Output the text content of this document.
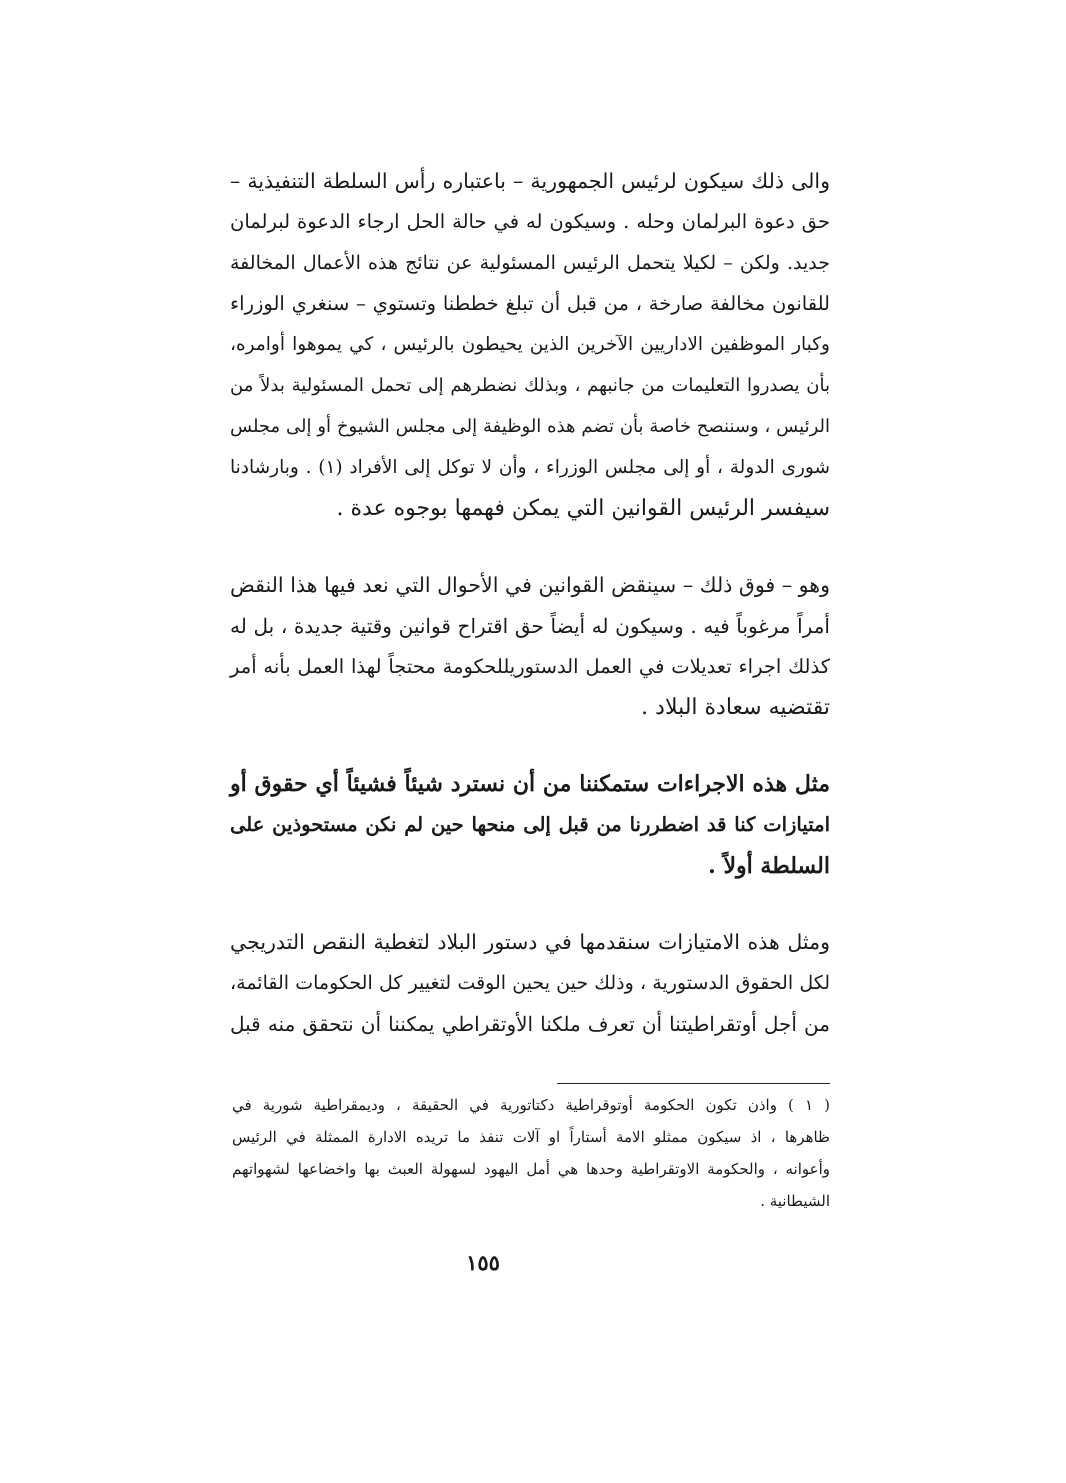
والى ذلك سيكون لرئيس الجمهورية – باعتباره رأس السلطة التنفيذية –
حق دعوة البرلمان وحله . وسيكون له في حالة الحل ارجاء الدعوة لبرلمان
جديد. ولكن – لكيلا يتحمل الرئيس المسئولية عن نتائج هذه الأعمال المخالفة
للقانون مخالفة صارخة ، من قبل أن تبلغ خططنا وتستوي – سنغري الوزراء
وكبار الموظفين الاداريين الآخرين الذين يحيطون بالرئيس ، كي يموهوا أوامره،
بأن يصدروا التعليمات من جانبهم ، وبذلك نضطرهم إلى تحمل المسئولية بدلاً من
الرئيس ، وسننصح خاصة بأن تضم هذه الوظيفة إلى مجلس الشيوخ أو إلى مجلس
شورى الدولة ، أو إلى مجلس الوزراء ، وأن لا توكل إلى الأفراد (١) . وبارشادنا
سيفسر الرئيس القوانين التي يمكن فهمها بوجوه عدة .
وهو – فوق ذلك – سينقض القوانين في الأحوال التي نعد فيها هذا النقض
أمراً مرغوباً فيه . وسيكون له أيضاً حق اقتراح قوانين وقتية جديدة ، بل له
كذلك اجراء تعديلات في العمل الدستوريللحكومة محتجاً لهذا العمل بأنه أمر
تقتضيه سعادة البلاد .
مثل هذه الاجراءات ستمكننا من أن نسترد شيئاً فشيئاً أي حقوق أو
امتيازات كنا قد اضطررنا من قبل إلى منحها حين لم نكن مستحوذين على
السلطة أولاً .
ومثل هذه الامتيازات سنقدمها في دستور البلاد لتغطية النقص التدريجي
لكل الحقوق الدستورية ، وذلك حين يحين الوقت لتغيير كل الحكومات القائمة،
من أجل أوتقراطيتنا أن تعرف ملكنا الأوتقراطي يمكننا أن نتحقق منه قبل
( ١ ) واذن تكون الحكومة أوتوقراطية دكتاتورية في الحقيقة ، وديمقراطية شورية في
ظاهرها ، اذ سيكون ممثلو الامة أستاراً او آلات تنفذ ما تريده الادارة الممثلة في الرئيس
وأعوانه ، والحكومة الاوتقراطية وحدها هي أمل اليهود لسهولة العبث بها واخضاعها لشهواتهم
الشيطانية .
١٥٥
